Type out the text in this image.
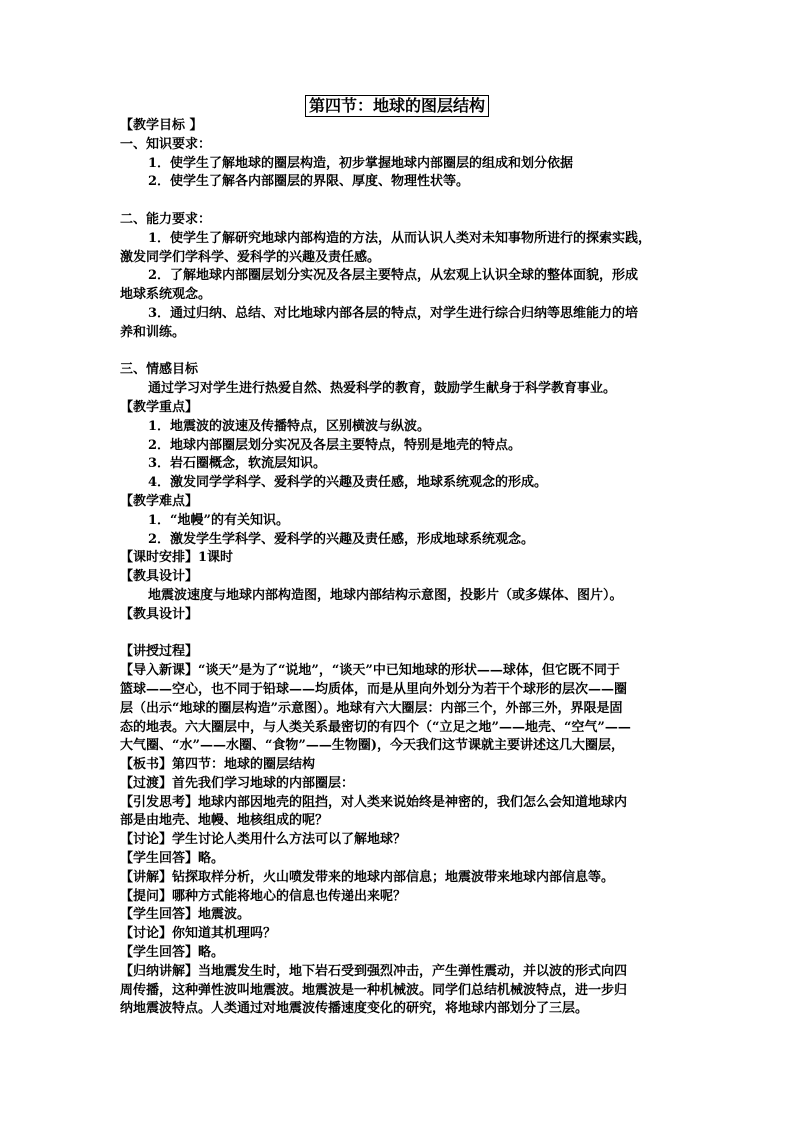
第四节：地球的图层结构

【教学目标 】

一、知识要求：

1．使学生了解地球的圈层构造，初步掌握地球内部圈层的组成和划分依据

2．使学生了解各内部圈层的界限、厚度、物理性状等。

二、能力要求：

1．使学生了解研究地球内部构造的方法，从而认识人类对未知事物所进行的探索实践，

激发同学们学科学、爱科学的兴趣及责任感。

2．了解地球内部圈层划分实况及各层主要特点，从宏观上认识全球的整体面貌，形成

地球系统观念。

3．通过归纳、总结、对比地球内部各层的特点，对学生进行综合归纳等思维能力的培

养和训练。

三、情感目标

通过学习对学生进行热爱自然、热爱科学的教育，鼓励学生献身于科学教育事业。

【教学重点】

1．地震波的波速及传播特点，区别横波与纵波。

2．地球内部圈层划分实况及各层主要特点，特别是地壳的特点。

3．岩石圈概念，软流层知识。

4．激发同学学科学、爱科学的兴趣及责任感，地球系统观念的形成。

【教学难点】

1．“地幔”的有关知识。

2．激发学生学科学、爱科学的兴趣及责任感，形成地球系统观念。

【课时安排】1课时

【教具设计】

地震波速度与地球内部构造图，地球内部结构示意图，投影片（或多媒体、图片）。

【教具设计】

【讲授过程】

【导入新课】“谈天”是为了“说地”，“谈天”中已知地球的形状——球体，但它既不同于

篮球——空心，也不同于铅球——均质体，而是从里向外划分为若干个球形的层次——圈

层（出示“地球的圈层构造”示意图）。地球有六大圈层：内部三个，外部三外，界限是固

态的地表。六大圈层中，与人类关系最密切的有四个（“立足之地”——地壳、“空气”——

大气圈、“水”——水圈、“食物”——生物圈)，今天我们这节课就主要讲述这几大圈层，

【板书】第四节：地球的圈层结构

【过渡】首先我们学习地球的内部圈层：

【引发思考】地球内部因地壳的阻挡，对人类来说始终是神密的，我们怎么会知道地球内

部是由地壳、地幔、地核组成的呢？

【讨论】学生讨论人类用什么方法可以了解地球？

【学生回答】略。

【讲解】钻探取样分析，火山喷发带来的地球内部信息；地震波带来地球内部信息等。

【提问】哪种方式能将地心的信息也传递出来呢？

【学生回答】地震波。

【讨论】你知道其机理吗？

【学生回答】略。

【归纳讲解】当地震发生时，地下岩石受到强烈冲击，产生弹性震动，并以波的形式向四

周传播，这种弹性波叫地震波。地震波是一种机械波。同学们总结机械波特点，进一步归

纳地震波特点。人类通过对地震波传播速度变化的研究，将地球内部划分了三层。
